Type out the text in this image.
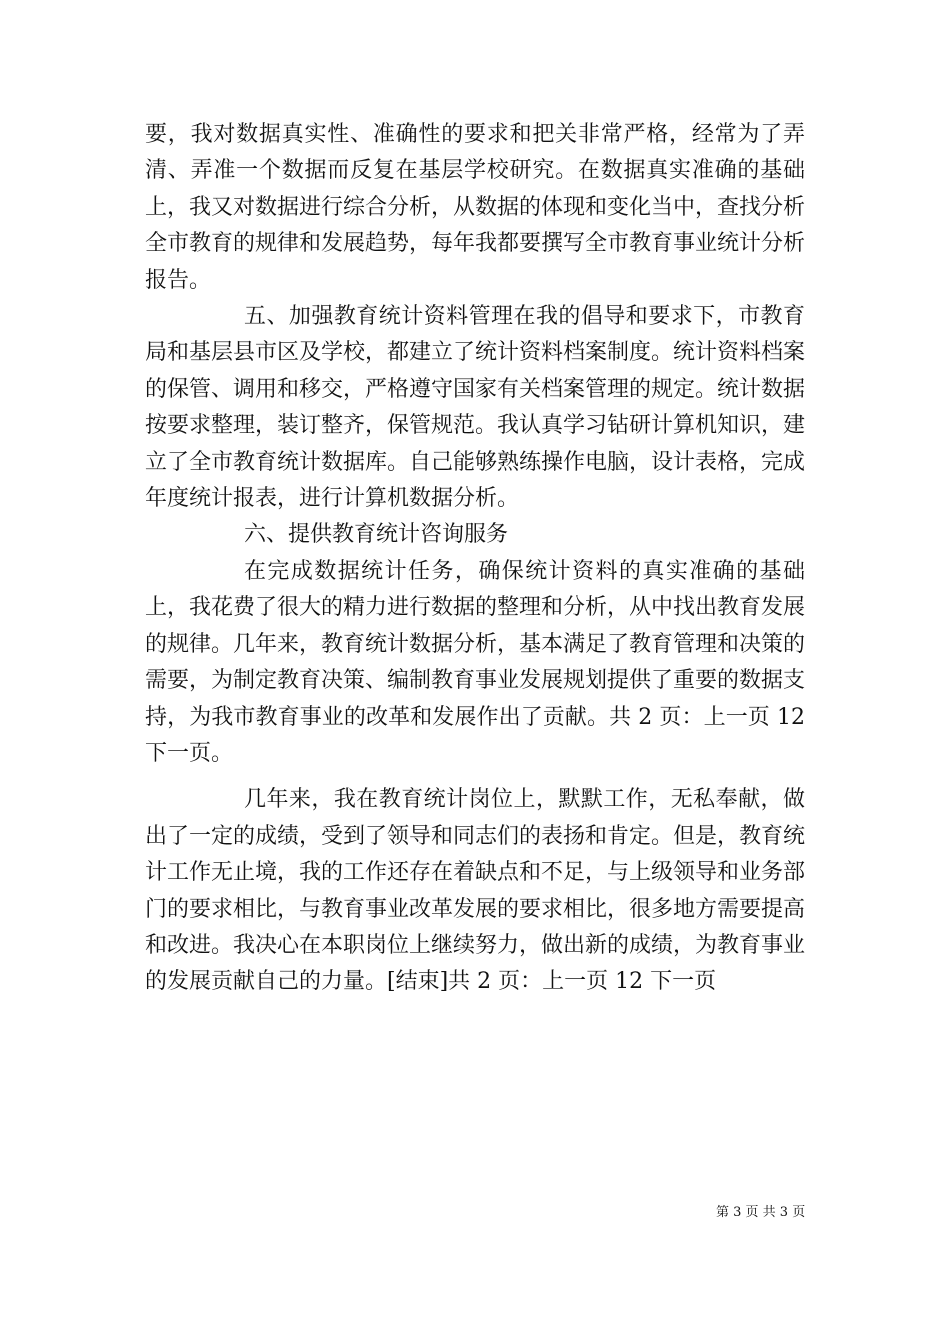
要，我对数据真实性、准确性的要求和把关非常严格，经常为了弄清、弄准一个数据而反复在基层学校研究。在数据真实准确的基础上，我又对数据进行综合分析，从数据的体现和变化当中，查找分析全市教育的规律和发展趋势，每年我都要撰写全市教育事业统计分析报告。

五、加强教育统计资料管理在我的倡导和要求下，市教育局和基层县市区及学校，都建立了统计资料档案制度。统计资料档案的保管、调用和移交，严格遵守国家有关档案管理的规定。统计数据按要求整理，装订整齐，保管规范。我认真学习钻研计算机知识，建立了全市教育统计数据库。自己能够熟练操作电脑，设计表格，完成年度统计报表，进行计算机数据分析。

六、提供教育统计咨询服务

在完成数据统计任务，确保统计资料的真实准确的基础上，我花费了很大的精力进行数据的整理和分析，从中找出教育发展的规律。几年来，教育统计数据分析，基本满足了教育管理和决策的需要，为制定教育决策、编制教育事业发展规划提供了重要的数据支持，为我市教育事业的改革和发展作出了贡献。共 2 页：上一页 12 下一页。

几年来，我在教育统计岗位上，默默工作，无私奉献，做出了一定的成绩，受到了领导和同志们的表扬和肯定。但是，教育统计工作无止境，我的工作还存在着缺点和不足，与上级领导和业务部门的要求相比，与教育事业改革发展的要求相比，很多地方需要提高和改进。我决心在本职岗位上继续努力，做出新的成绩，为教育事业的发展贡献自己的力量。[结束]共 2 页：上一页 12 下一页

第 3 页 共 3 页
